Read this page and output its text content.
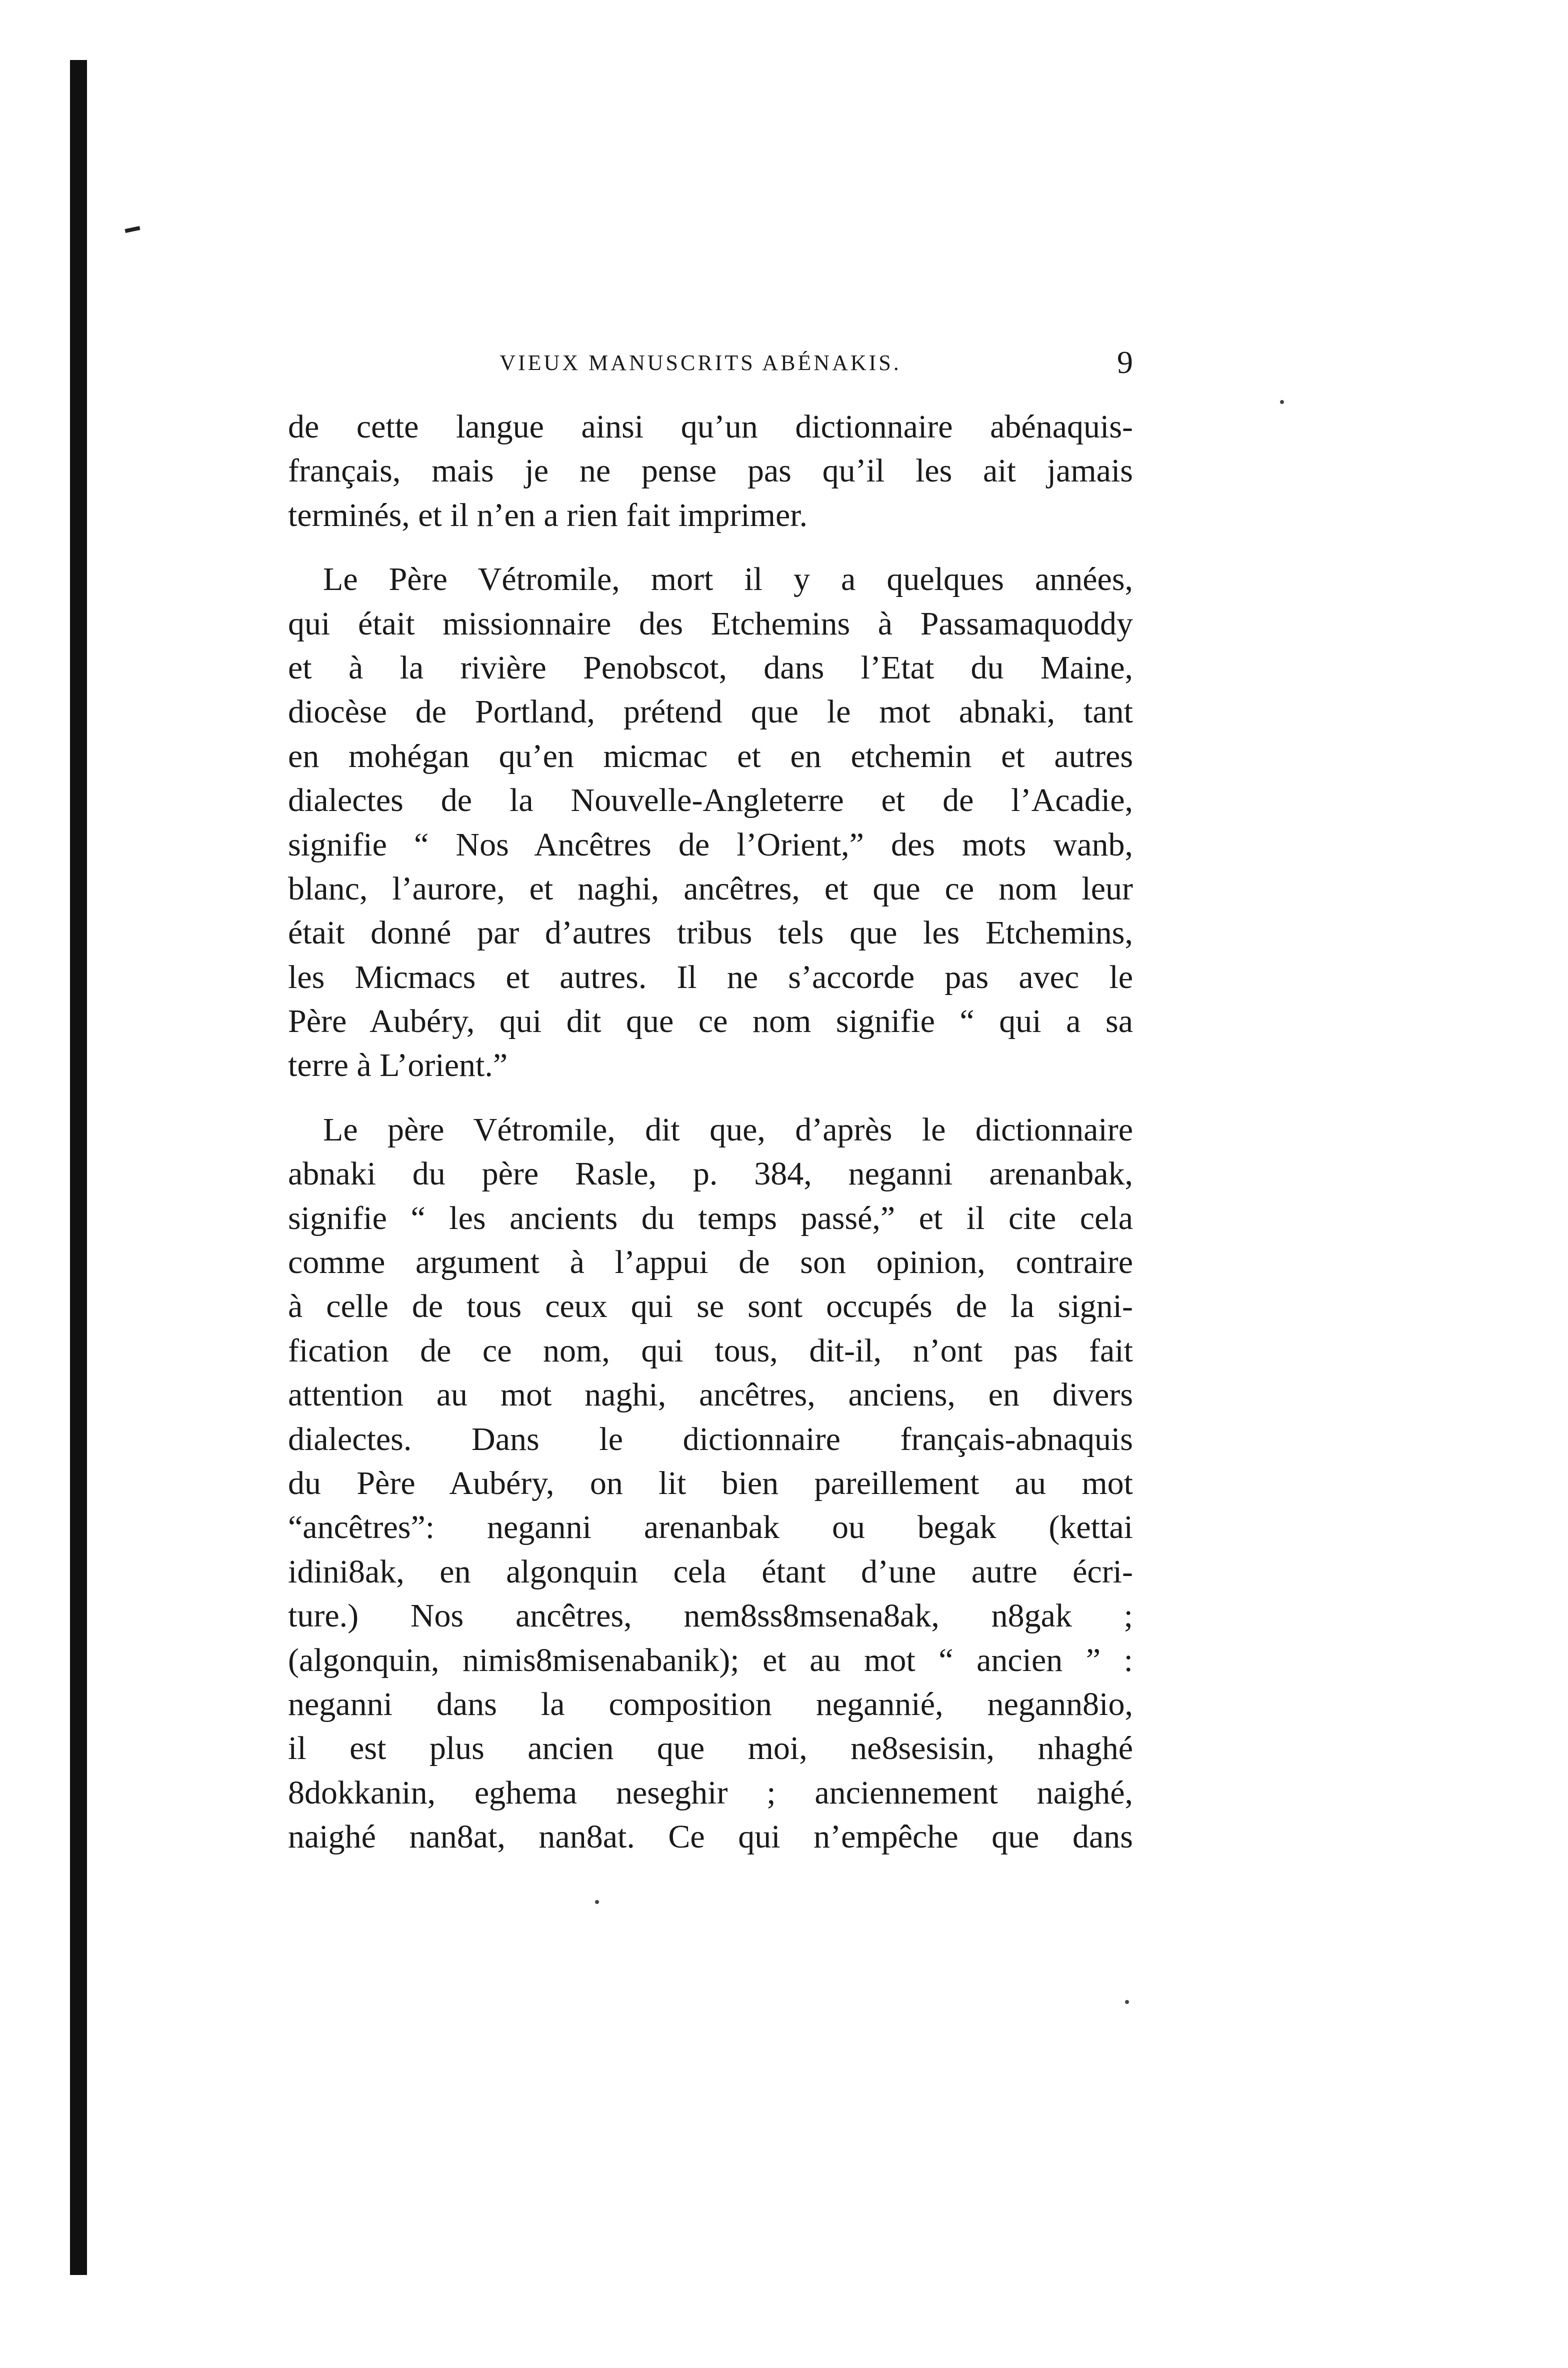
VIEUX MANUSCRITS ABÉNAKIS.	9
de cette langue ainsi qu’un dictionnaire abénaquis-
français, mais je ne pense pas qu’il les ait jamais
terminés, et il n’en a rien fait imprimer.
Le Père Vétromile, mort il y a quelques années,
qui était missionnaire des Etchemins à Passamaquoddy
et à la rivière Penobscot, dans l’Etat du Maine,
diocèse de Portland, prétend que le mot abnaki, tant
en mohégan qu’en micmac et en etchemin et autres
dialectes de la Nouvelle-Angleterre et de l’Acadie,
signifie “ Nos Ancêtres de l’Orient,” des mots wanb,
blanc, l’aurore, et naghi, ancêtres, et que ce nom leur
était donné par d’autres tribus tels que les Etchemins,
les Micmacs et autres. Il ne s’accorde pas avec le
Père Aubéry, qui dit que ce nom signifie “ qui a sa
terre à L’orient.”
Le père Vétromile, dit que, d’après le dictionnaire
abnaki du père Rasle, p. 384, neganni arenanbak,
signifie “ les ancients du temps passé,” et il cite cela
comme argument à l’appui de son opinion, contraire
à celle de tous ceux qui se sont occupés de la signi-
fication de ce nom, qui tous, dit-il, n’ont pas fait
attention au mot naghi, ancêtres, anciens, en divers
dialectes. Dans le dictionnaire français-abnaquis
du Père Aubéry, on lit bien pareillement au mot
“ancêtres”: neganni arenanbak ou begak (kettai
idini8ak, en algonquin cela étant d’une autre écri-
ture.) Nos ancêtres, nem8ss8msena8ak, n8gak ;
(algonquin, nimis8misenabanik); et au mot “ ancien ” :
neganni dans la composition negannié, negann8io,
il est plus ancien que moi, ne8sesisin, nhaghé
8dokkanin, eghema neseghir ; anciennement naighé,
naighé nan8at, nan8at. Ce qui n’empêche que dans
